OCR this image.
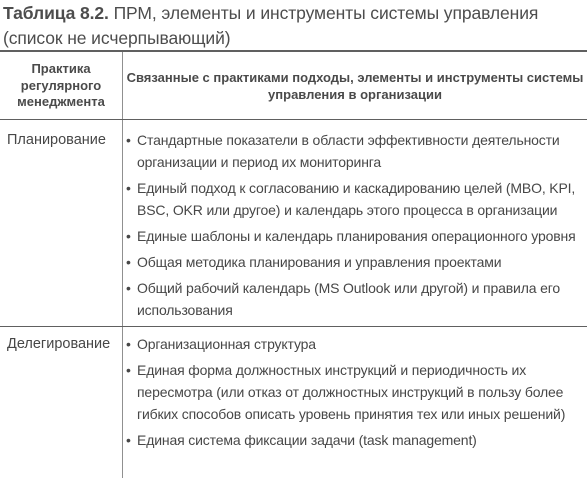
Таблица 8.2. ПРМ, элементы и инструменты системы управления (список не исчерпывающий)
Практика регулярного менеджмента
Связанные с практиками подходы, элементы и инструменты системы управления в организации
Планирование	• Стандартные показатели в области эффективности деятельности организации и период их мониторинга
• Единый подход к согласованию и каскадированию целей (MBO, KPI, BSC, OKR или другое) и календарь этого процесса в организации
• Единые шаблоны и календарь планирования операционного уровня
• Общая методика планирования и управления проектами
• Общий рабочий календарь (MS Outlook или другой) и правила его использования
Делегирование	• Организационная структура
• Единая форма должностных инструкций и периодичность их пересмотра (или отказ от должностных инструкций в пользу более гибких способов описать уровень принятия тех или иных решений)
• Единая система фиксации задачи (task management)
